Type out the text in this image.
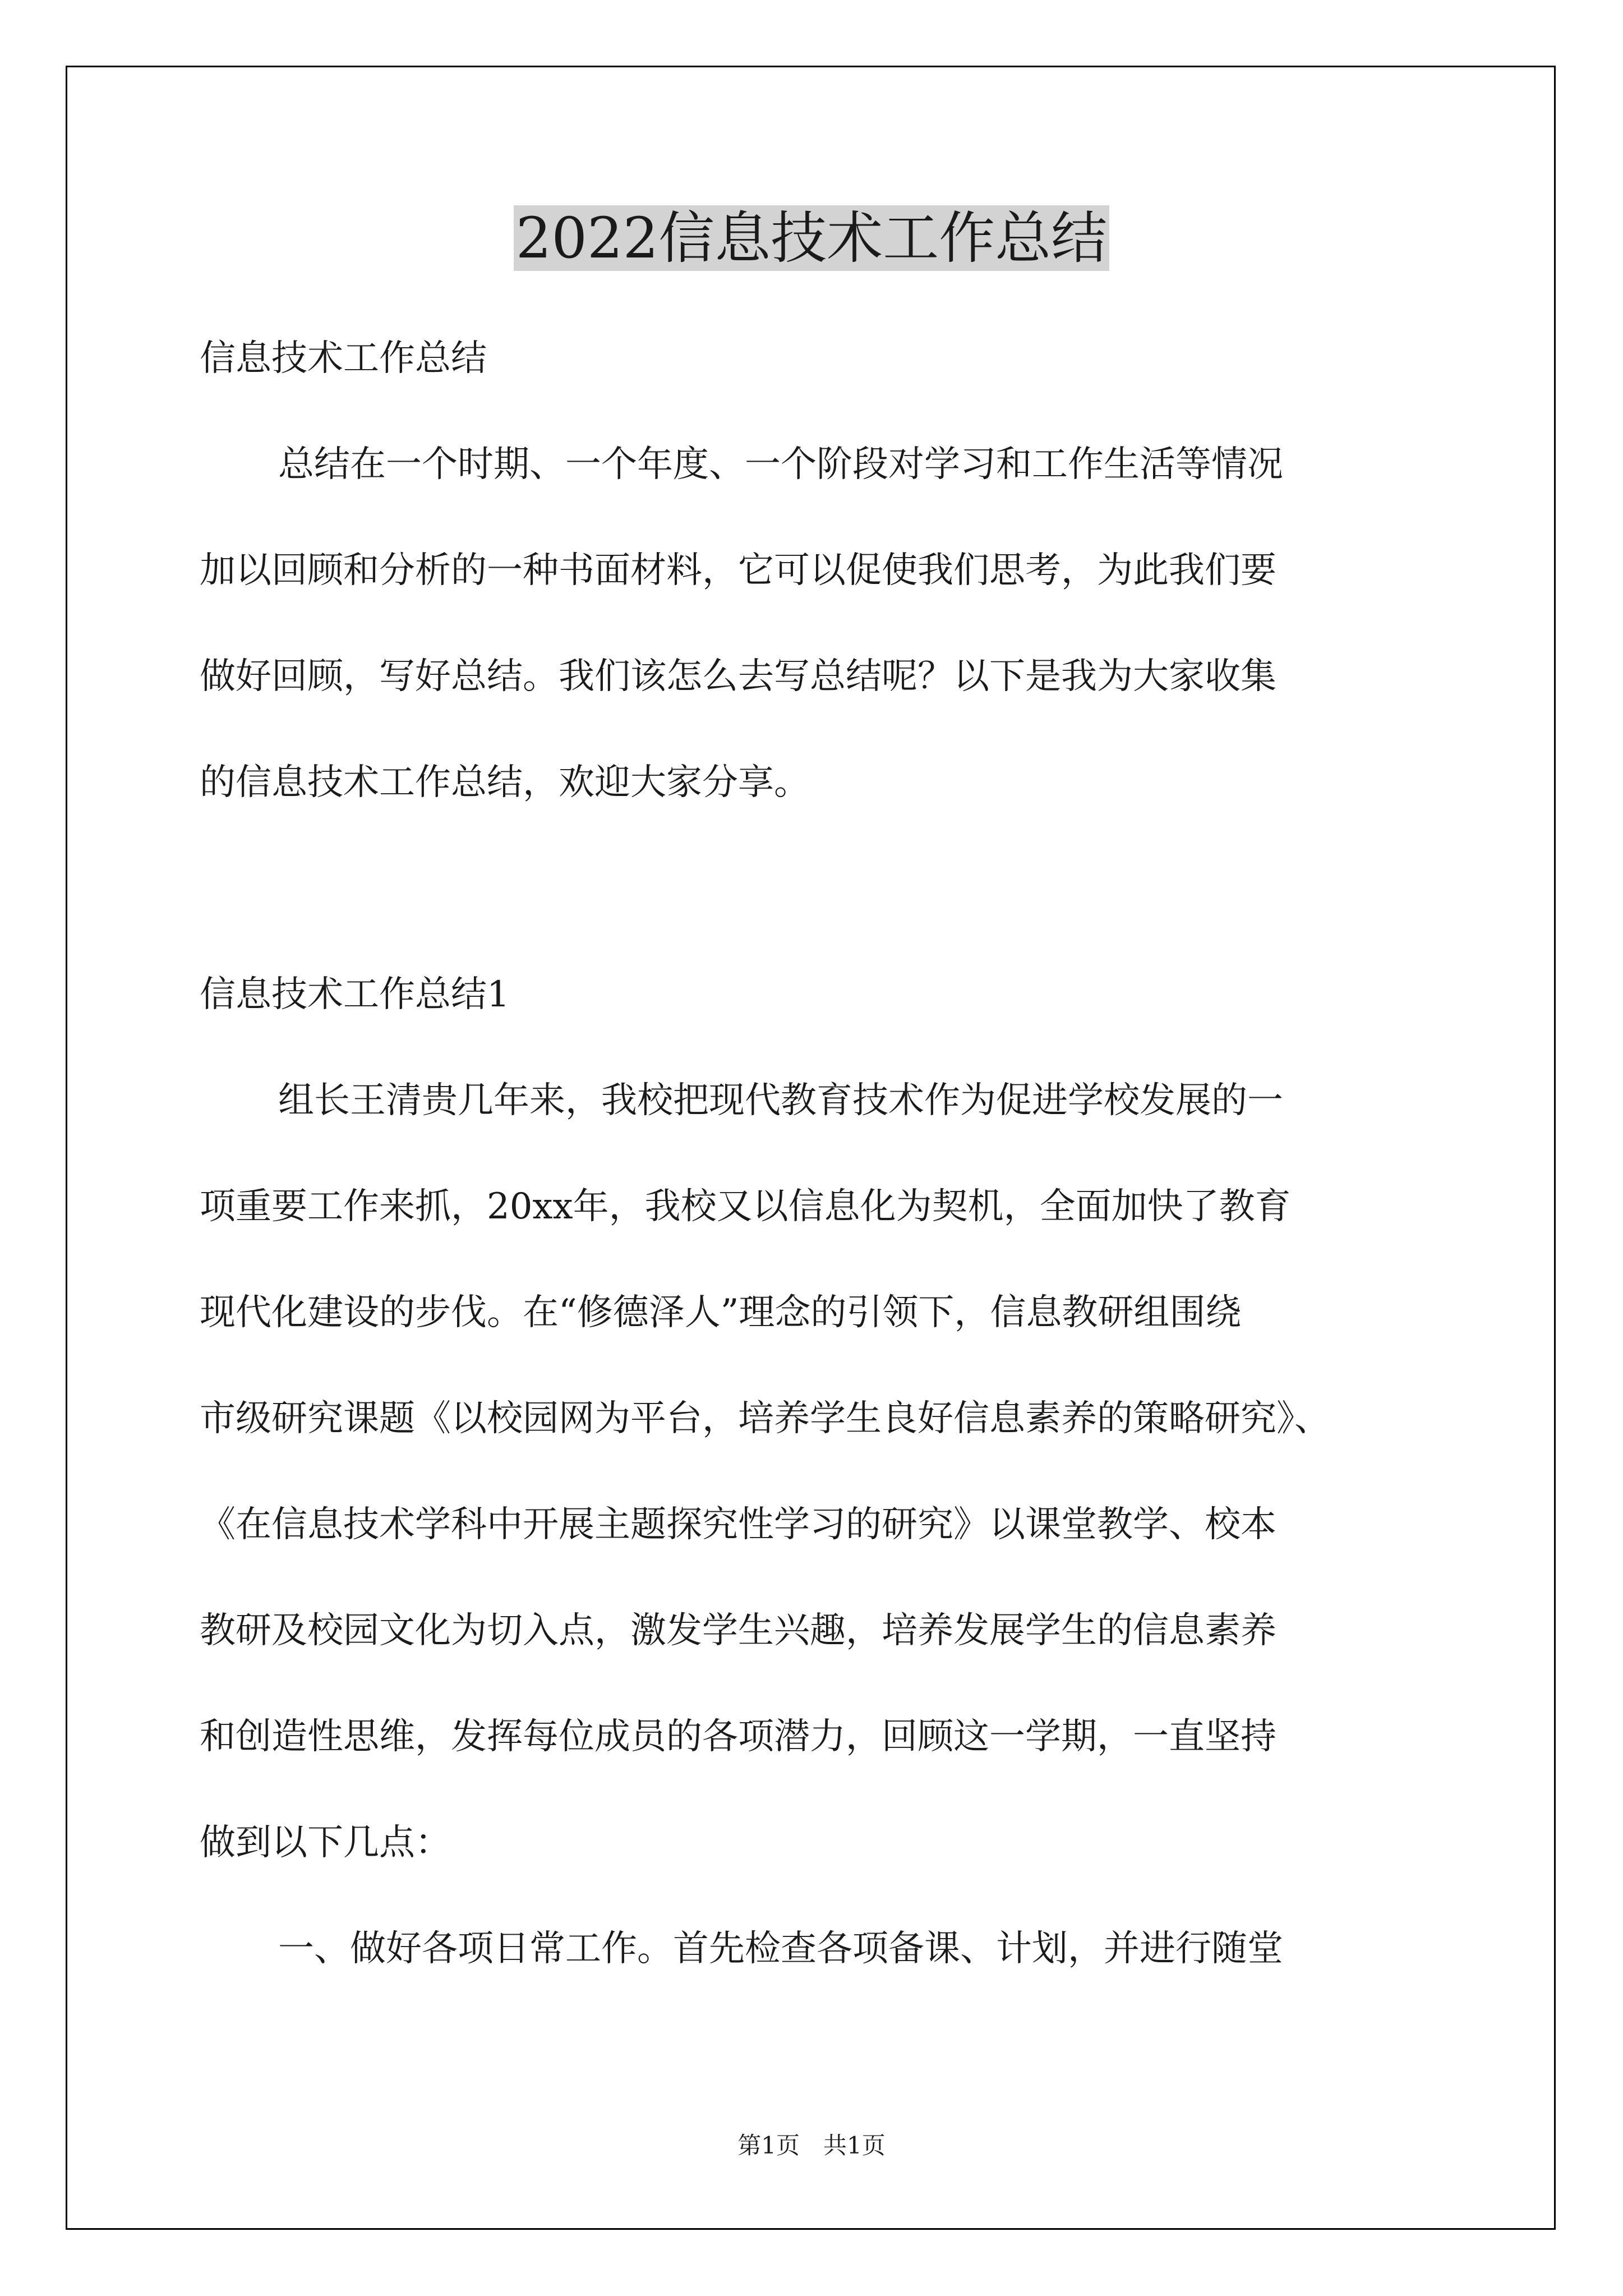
2022信息技术工作总结

信息技术工作总结

总结在一个时期、一个年度、一个阶段对学习和工作生活等情况

加以回顾和分析的一种书面材料，它可以促使我们思考，为此我们要

做好回顾，写好总结。我们该怎么去写总结呢？以下是我为大家收集

的信息技术工作总结，欢迎大家分享。

信息技术工作总结1

组长王清贵几年来，我校把现代教育技术作为促进学校发展的一

项重要工作来抓，20xx年，我校又以信息化为契机，全面加快了教育

现代化建设的步伐。在“修德泽人”理念的引领下，信息教研组围绕

市级研究课题《以校园网为平台，培养学生良好信息素养的策略研究》、

《在信息技术学科中开展主题探究性学习的研究》以课堂教学、校本

教研及校园文化为切入点，激发学生兴趣，培养发展学生的信息素养

和创造性思维，发挥每位成员的各项潜力，回顾这一学期，一直坚持

做到以下几点：

一、做好各项日常工作。首先检查各项备课、计划，并进行随堂

第1页　共1页
